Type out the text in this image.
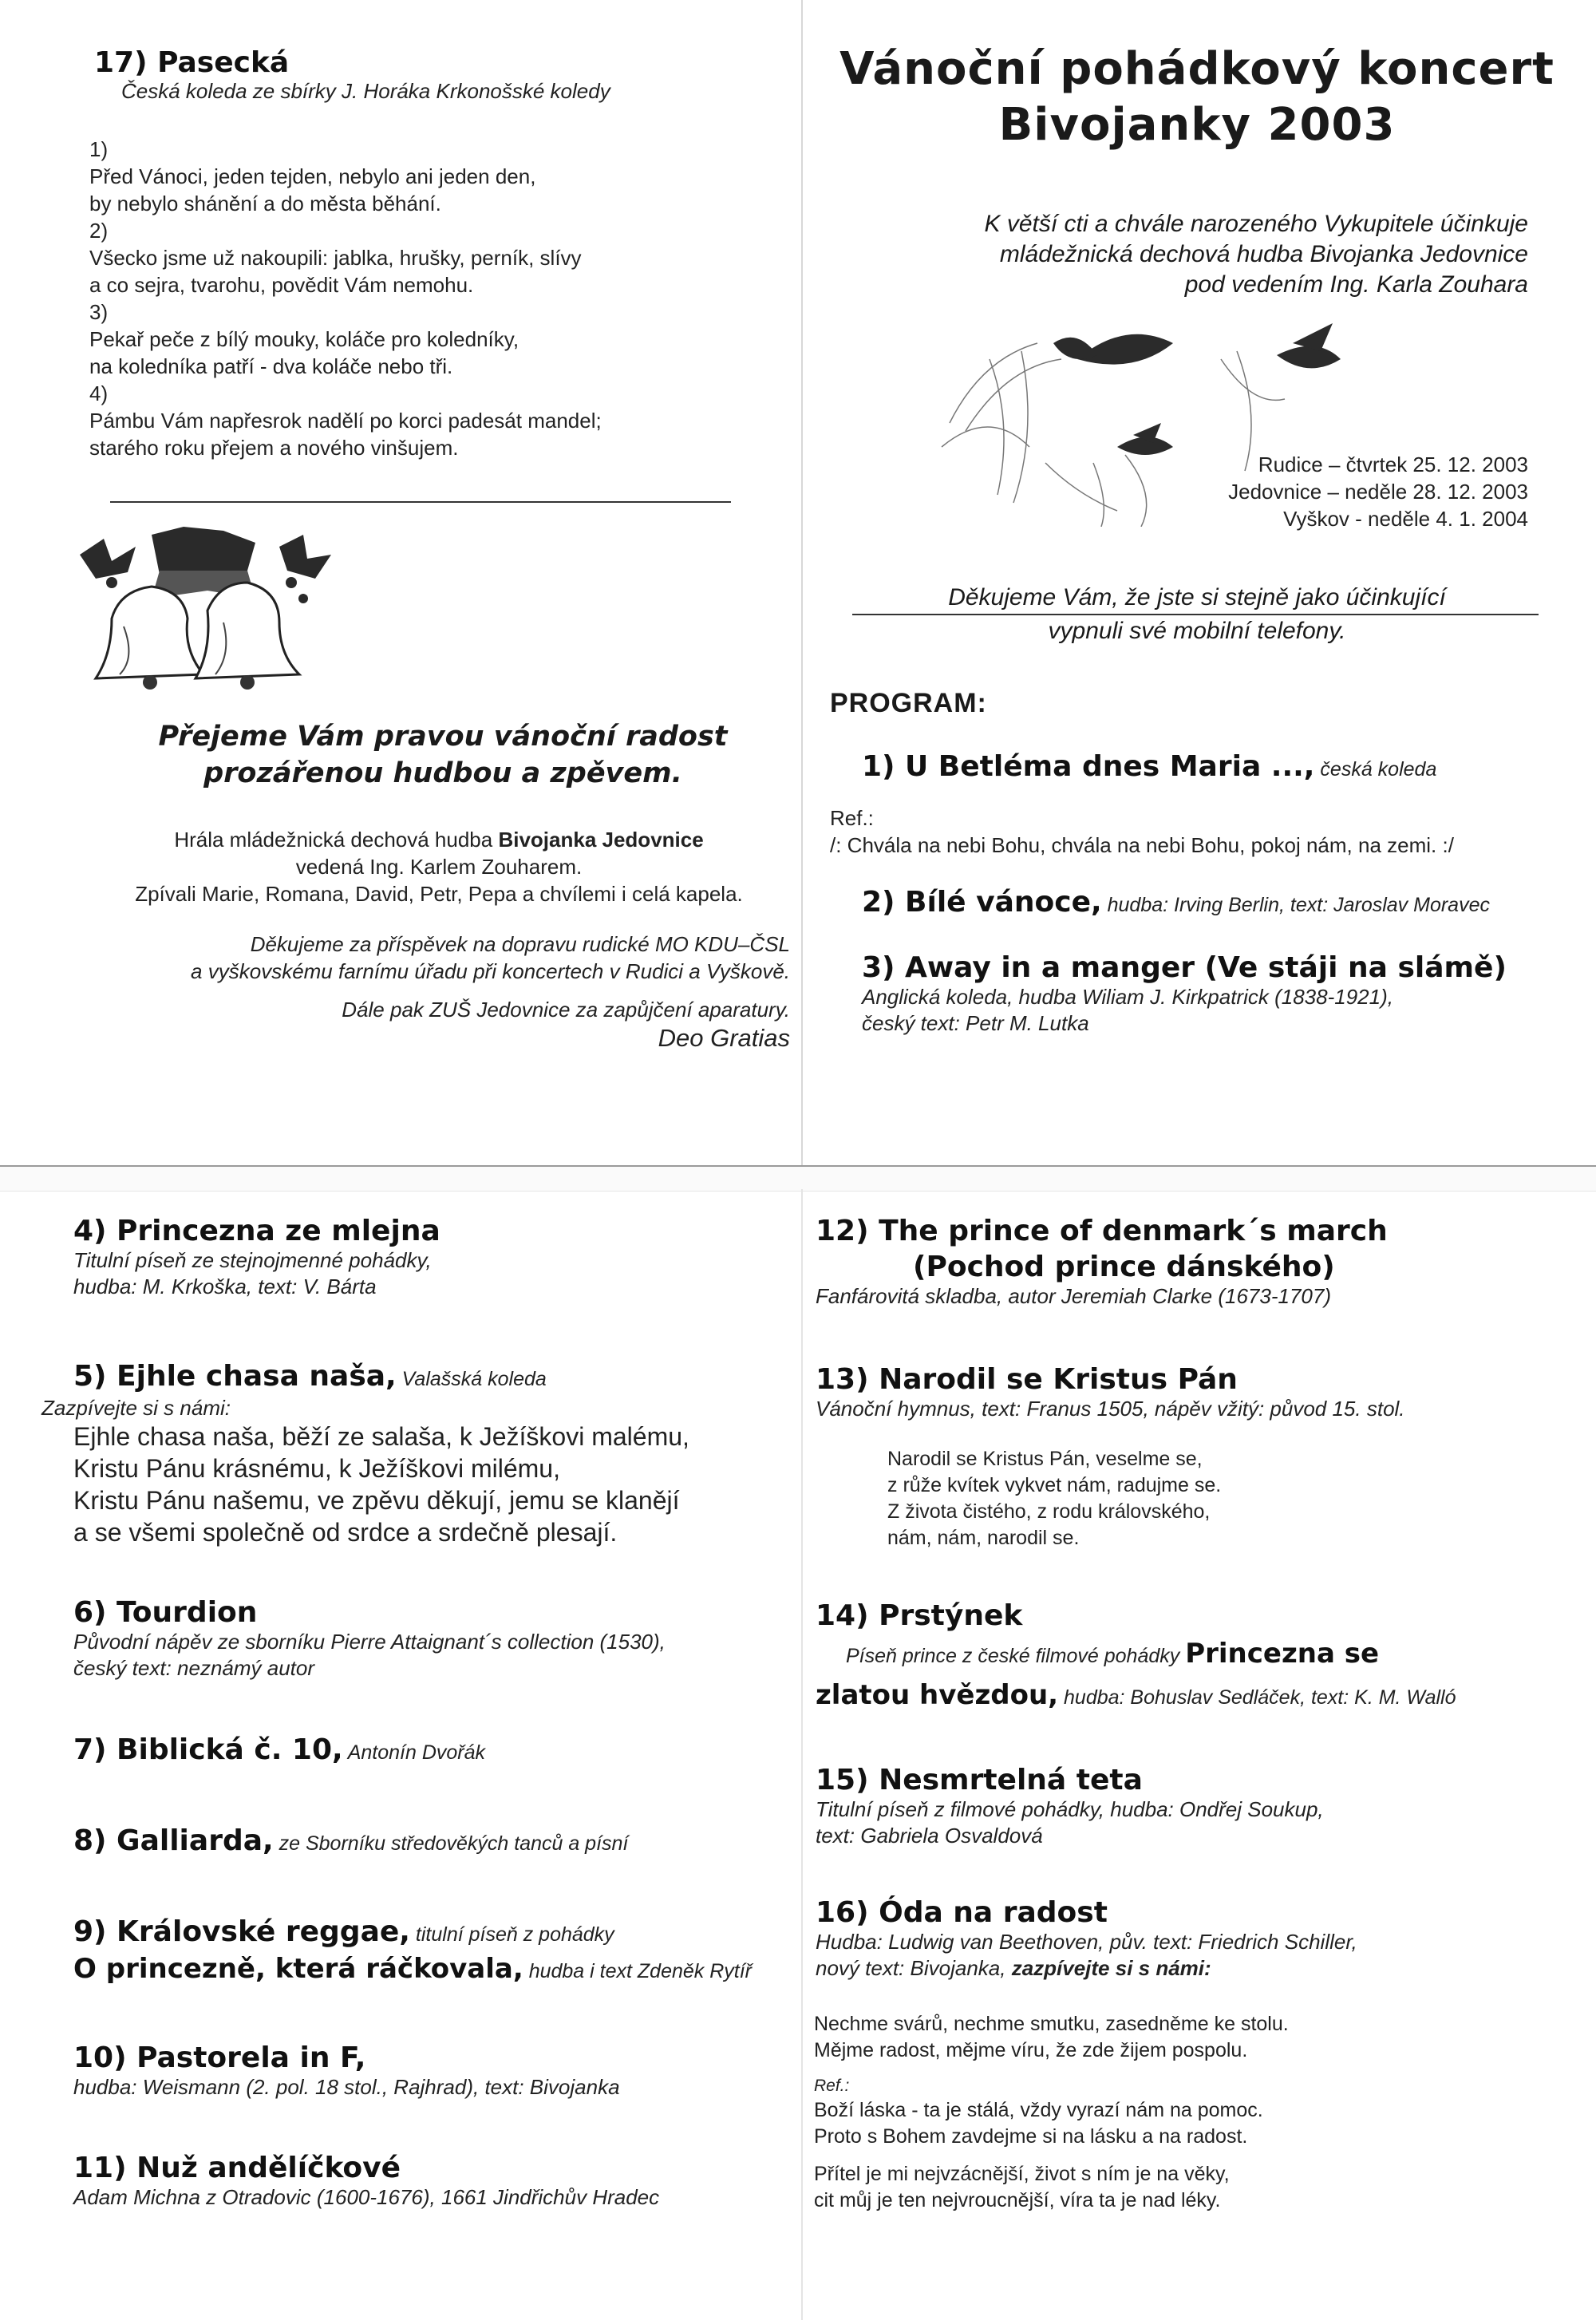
17) Pasecká
Česká koleda ze sbírky J. Horáka Krkonošské koledy
1)
Před Vánoci, jeden tejden, nebylo ani jeden den,
by nebylo shánění a do města běhání.
2)
Všecko jsme už nakoupili: jablka, hrušky, perník, slívy
a co sejra, tvarohu, povědit Vám nemohu.
3)
Pekař peče z bílý mouky, koláče pro koledníky,
na koledníka patří - dva koláče nebo tři.
4)
Pámbu Vám napřesrok nadělí po korci padesát mandel;
starého roku přejem a nového vinšujem.
Přejeme Vám pravou vánoční radost
prozářenou hudbou a zpěvem.
Hrála mládežnická dechová hudba Bivojanka Jedovnice
vedená Ing. Karlem Zouharem.
Zpívali Marie, Romana, David, Petr, Pepa a chvílemi i celá kapela.
Děkujeme za příspěvek na dopravu rudické MO KDU–ČSL
a vyškovskému farnímu úřadu při koncertech v Rudici a Vyškově.
Dále pak ZUŠ Jedovnice za zapůjčení aparatury.
Deo Gratias
Vánoční pohádkový koncert
Bivojanky 2003
K větší cti a chvále narozeného Vykupitele účinkuje
mládežnická dechová hudba Bivojanka Jedovnice
pod vedením Ing. Karla Zouhara
Rudice – čtvrtek 25. 12. 2003
Jedovnice – neděle 28. 12. 2003
Vyškov - neděle 4. 1. 2004
Děkujeme Vám, že jste si stejně jako účinkující
vypnuli své mobilní telefony.
PROGRAM:
1) U Betléma dnes Maria ..., česká koleda
Ref.:
/: Chvála na nebi Bohu, chvála na nebi Bohu, pokoj nám, na zemi. :/
2) Bílé vánoce, hudba: Irving Berlin, text: Jaroslav Moravec
3) Away in a manger (Ve stáji na slámě)
Anglická koleda, hudba Wiliam J. Kirkpatrick (1838-1921),
český text: Petr M. Lutka
4) Princezna ze mlejna
Titulní píseň ze stejnojmenné pohádky,
hudba: M. Krkoška, text: V. Bárta
5) Ejhle chasa naša, Valašská koleda
Zazpívejte si s námi:
Ejhle chasa naša, běží ze salaša, k Ježíškovi malému,
Kristu Pánu krásnému, k Ježíškovi milému,
Kristu Pánu našemu, ve zpěvu děkují, jemu se klanějí
a se všemi společně od srdce a srdečně plesají.
6) Tourdion
Původní nápěv ze sborníku Pierre Attaignant´s collection (1530),
český text: neznámý autor
7) Biblická č. 10, Antonín Dvořák
8) Galliarda, ze Sborníku středověkých tanců a písní
9) Královské reggae, titulní píseň z pohádky
O princezně, která ráčkovala, hudba i text Zdeněk Rytíř
10) Pastorela in F,
hudba: Weismann (2. pol. 18 stol., Rajhrad), text: Bivojanka
11) Nuž andělíčkové
Adam Michna z Otradovic (1600-1676), 1661 Jindřichův Hradec
12) The prince of denmark´s march
(Pochod prince dánského)
Fanfárovitá skladba, autor Jeremiah Clarke (1673-1707)
13) Narodil se Kristus Pán
Vánoční hymnus, text: Franus 1505, nápěv vžitý: původ 15. stol.
Narodil se Kristus Pán, veselme se,
z růže kvítek vykvet nám, radujme se.
Z života čistého, z rodu královského,
nám, nám, narodil se.
14) Prstýnek
Píseň prince z české filmové pohádky Princezna se
zlatou hvězdou, hudba: Bohuslav Sedláček, text: K. M. Walló
15) Nesmrtelná teta
Titulní píseň z filmové pohádky, hudba: Ondřej Soukup,
text: Gabriela Osvaldová
16) Óda na radost
Hudba: Ludwig van Beethoven, pův. text: Friedrich Schiller,
nový text: Bivojanka, zazpívejte si s námi:
Nechme svárů, nechme smutku, zasedněme ke stolu.
Mějme radost, mějme víru, že zde žijem pospolu.
Ref.:
Boží láska - ta je stálá, vždy vyrazí nám na pomoc.
Proto s Bohem zavdejme si na lásku a na radost.
Přítel je mi nejvzácnější, život s ním je na věky,
cit můj je ten nejvroucnější, víra ta je nad léky.
